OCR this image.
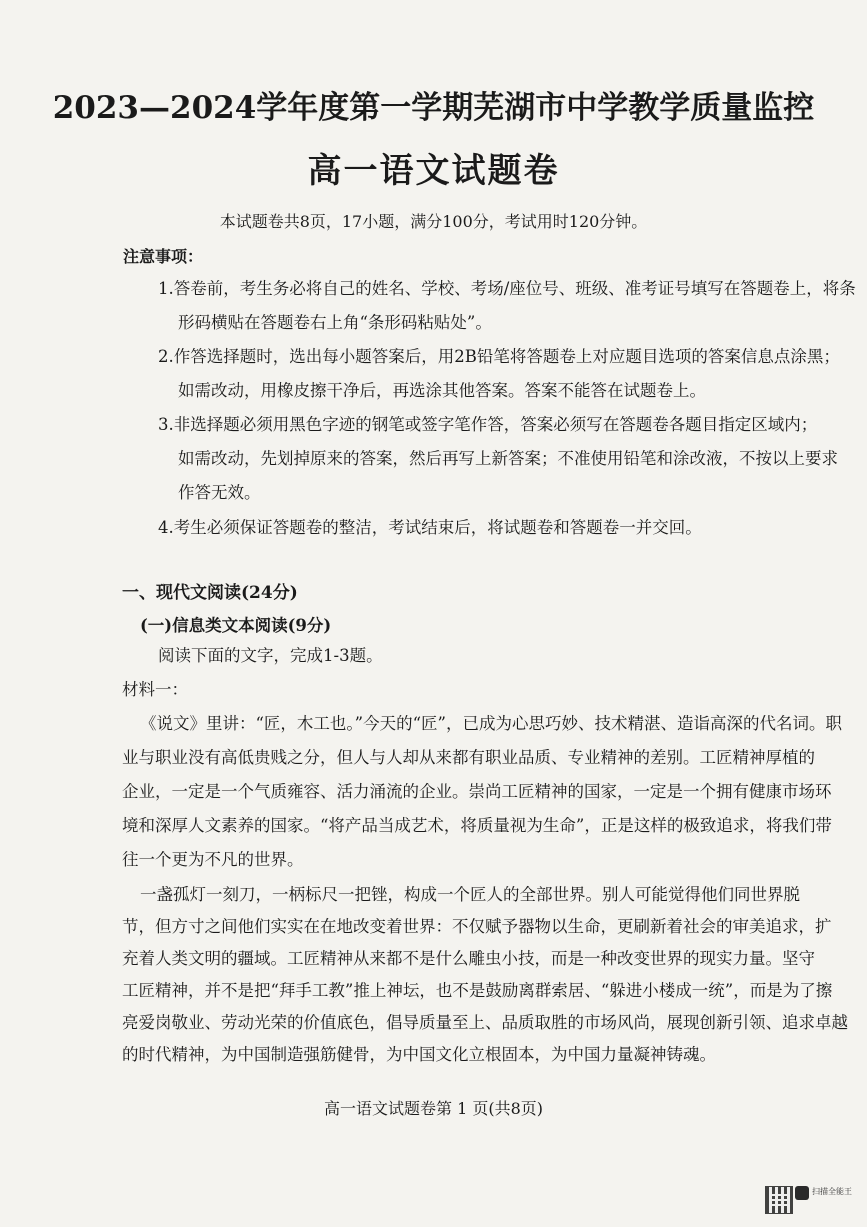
2023—2024学年度第一学期芜湖市中学教学质量监控
高一语文试题卷
本试题卷共8页，17小题，满分100分，考试用时120分钟。
注意事项：
1.答卷前，考生务必将自己的姓名、学校、考场/座位号、班级、准考证号填写在答题卷上，将条
形码横贴在答题卷右上角“条形码粘贴处”。
2.作答选择题时，选出每小题答案后，用2B铅笔将答题卷上对应题目选项的答案信息点涂黑；
如需改动，用橡皮擦干净后，再选涂其他答案。答案不能答在试题卷上。
3.非选择题必须用黑色字迹的钢笔或签字笔作答，答案必须写在答题卷各题目指定区域内；
如需改动，先划掉原来的答案，然后再写上新答案；不准使用铅笔和涂改液，不按以上要求
作答无效。
4.考生必须保证答题卷的整洁，考试结束后，将试题卷和答题卷一并交回。
一、现代文阅读(24分)
(一)信息类文本阅读(9分)
阅读下面的文字，完成1-3题。
材料一：
《说文》里讲：“匠，木工也。”今天的“匠”，已成为心思巧妙、技术精湛、造诣高深的代名词。职
业与职业没有高低贵贱之分，但人与人却从来都有职业品质、专业精神的差别。工匠精神厚植的
企业，一定是一个气质雍容、活力涌流的企业。崇尚工匠精神的国家，一定是一个拥有健康市场环
境和深厚人文素养的国家。“将产品当成艺术，将质量视为生命”，正是这样的极致追求，将我们带
往一个更为不凡的世界。
一盏孤灯一刻刀，一柄标尺一把锉，构成一个匠人的全部世界。别人可能觉得他们同世界脱
节，但方寸之间他们实实在在地改变着世界：不仅赋予器物以生命，更刷新着社会的审美追求，扩
充着人类文明的疆域。工匠精神从来都不是什么雕虫小技，而是一种改变世界的现实力量。坚守
工匠精神，并不是把“拜手工教”推上神坛，也不是鼓励离群索居、“躲进小楼成一统”，而是为了擦
亮爱岗敬业、劳动光荣的价值底色，倡导质量至上、品质取胜的市场风尚，展现创新引领、追求卓越
高一语文试题卷第 1 页(共8页)
扫描全能王
的时代精神，为中国制造强筋健骨，为中国文化立根固本，为中国力量凝神铸魂。
